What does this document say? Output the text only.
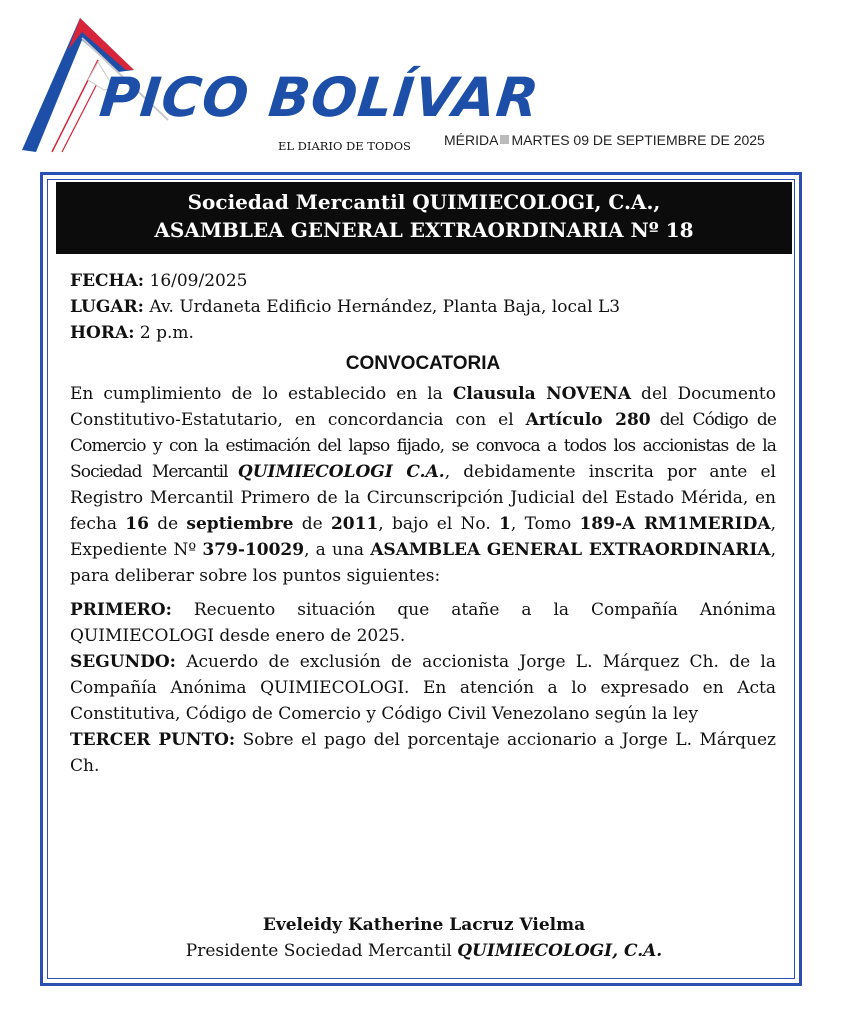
PICO BOLÍVAR
EL DIARIO DE TODOS MÉRIDA MARTES 09 DE SEPTIEMBRE DE 2025
Sociedad Mercantil QUIMIECOLOGI, C.A.,
ASAMBLEA GENERAL EXTRAORDINARIA Nº 18

FECHA: 16/09/2025

LUGAR: Av. Urdaneta Edificio Hernández, Planta Baja, local L3

HORA: 2 p.m.

CONVOCATORIA

En cumplimiento de lo establecido en la Clausula NOVENA del Documento Constitutivo-Estatutario, en concordancia con el Artículo 280 del Código de Comercio y con la estimación del lapso fijado, se convoca a todos los accionistas de la Sociedad Mercantil QUIMIECOLOGI C.A., debidamente inscrita por ante el Registro Mercantil Primero de la Circunscripción Judicial del Estado Mérida, en fecha 16 de septiembre de 2011, bajo el No. 1, Tomo 189-A RM1MERIDA, Expediente Nº 379-10029, a una ASAMBLEA GENERAL EXTRAORDINARIA, para deliberar sobre los puntos siguientes:

PRIMERO: Recuento situación que atañe a la Compañía Anónima QUIMIECOLOGI desde enero de 2025.

SEGUNDO: Acuerdo de exclusión de accionista Jorge L. Márquez Ch. de la Compañía Anónima QUIMIECOLOGI. En atención a lo expresado en Acta Constitutiva, Código de Comercio y Código Civil Venezolano según la ley

TERCER PUNTO: Sobre el pago del porcentaje accionario a Jorge L. Márquez Ch.

Eveleidy Katherine Lacruz Vielma
Presidente Sociedad Mercantil QUIMIECOLOGI, C.A.
